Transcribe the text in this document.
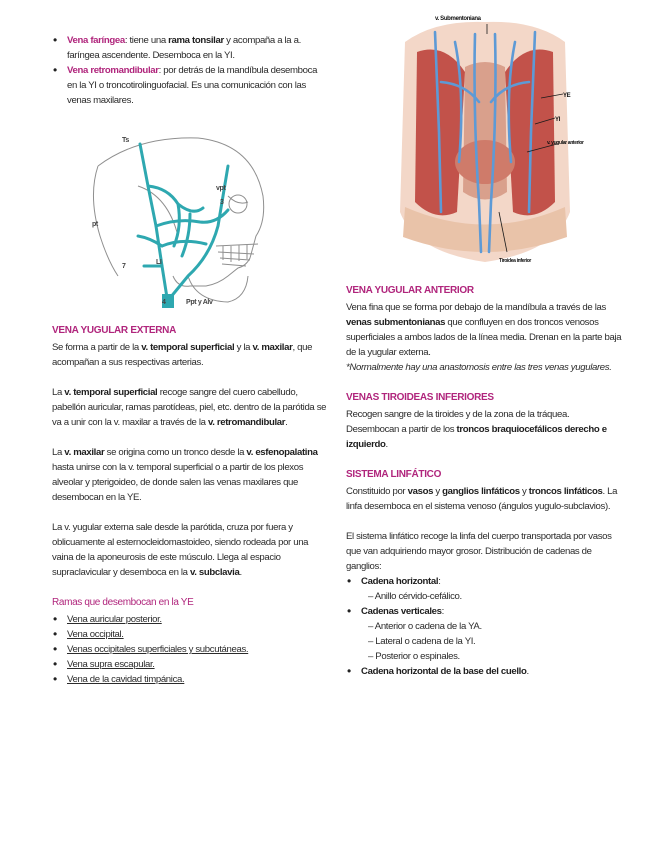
• Vena faríngea: tiene una rama tonsilar y acompaña a la a. faríngea ascendente. Desemboca en la YI.
• Vena retromandibular: por detrás de la mandíbula desemboca en la YI o troncotirolinguofacial. Es una comunicación con las venas maxilares.
Ts
vpt
pt
3
7
LI
4	Ppt y Alv
v. Submentoniana
YE
YI
v. yugular anterior
Tiroidea inferior
VENA YUGULAR EXTERNA

Se forma a partir de la v. temporal superficial y la v. maxilar, que acompañan a sus respectivas arterias.

La v. temporal superficial recoge sangre del cuero cabelludo, pabellón auricular, ramas parotídeas, piel, etc. dentro de la parótida se va a unir con la v. maxilar a través de la v. retromandibular.

La v. maxilar se origina como un tronco desde la v. esfenopalatina hasta unirse con la v. temporal superficial o a partir de los plexos alveolar y pterigoideo, de donde salen las venas maxilares que desembocan en la YE.

La v. yugular externa sale desde la parótida, cruza por fuera y oblicuamente al esternocleidomastoideo, siendo rodeada por una vaina de la aponeurosis de este músculo. Llega al espacio supraclavicular y desemboca en la v. subclavia.

Ramas que desembocan en la YE
• Vena auricular posterior.
• Vena occipital.
• Venas occipitales superficiales y subcutáneas.
• Vena supra escapular.
• Vena de la cavidad timpánica.
VENA YUGULAR ANTERIOR

Vena fina que se forma por debajo de la mandíbula a través de las venas submentonianas que confluyen en dos troncos venosos superficiales a ambos lados de la línea media. Drenan en la parte baja de la yugular externa.

*Normalmente hay una anastomosis entre las tres venas yugulares.

VENAS TIROIDEAS INFERIORES

Recogen sangre de la tiroides y de la zona de la tráquea. Desembocan a partir de los troncos braquiocefálicos derecho e izquierdo.

SISTEMA LINFÁTICO

Constituido por vasos y ganglios linfáticos y troncos linfáticos. La linfa desemboca en el sistema venoso (ángulos yugulo-subclavios).

El sistema linfático recoge la linfa del cuerpo transportada por vasos que van adquiriendo mayor grosor. Distribución de cadenas de ganglios:

• Cadena horizontal:
– Anillo cérvido-cefálico.
• Cadenas verticales:
– Anterior o cadena de la YA.
– Lateral o cadena de la YI.
– Posterior o espinales.
• Cadena horizontal de la base del cuello.
